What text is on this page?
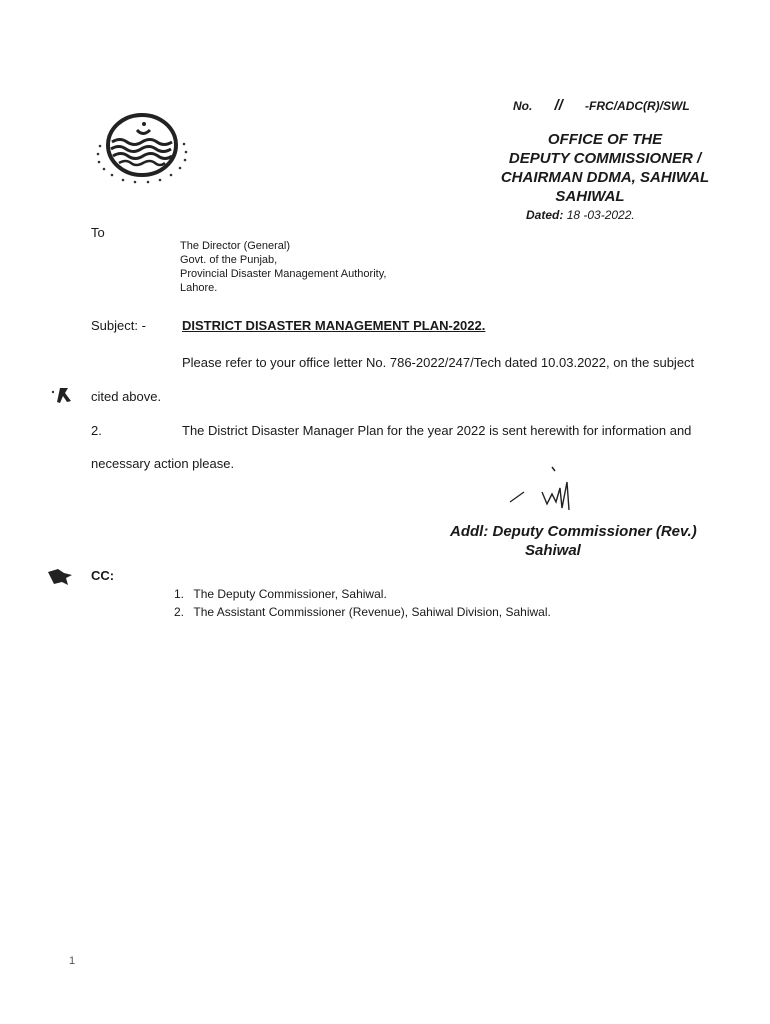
No. // -FRC/ADC(R)/SWL
OFFICE OF THE
DEPUTY COMMISSIONER /
CHAIRMAN DDMA, SAHIWAL
SAHIWAL
Dated: 18 -03-2022.
To
The Director (General)
Govt. of the Punjab,
Provincial Disaster Management Authority,
Lahore.
Subject: -	DISTRICT DISASTER MANAGEMENT PLAN-2022.
Please refer to your office letter No. 786-2022/247/Tech dated 10.03.2022, on the subject
cited above.
2.	The District Disaster Manager Plan for the year 2022 is sent herewith for information and
necessary action please.
Addl: Deputy Commissioner (Rev.)
Sahiwal
CC:
1. The Deputy Commissioner, Sahiwal.
2. The Assistant Commissioner (Revenue), Sahiwal Division, Sahiwal.
1
